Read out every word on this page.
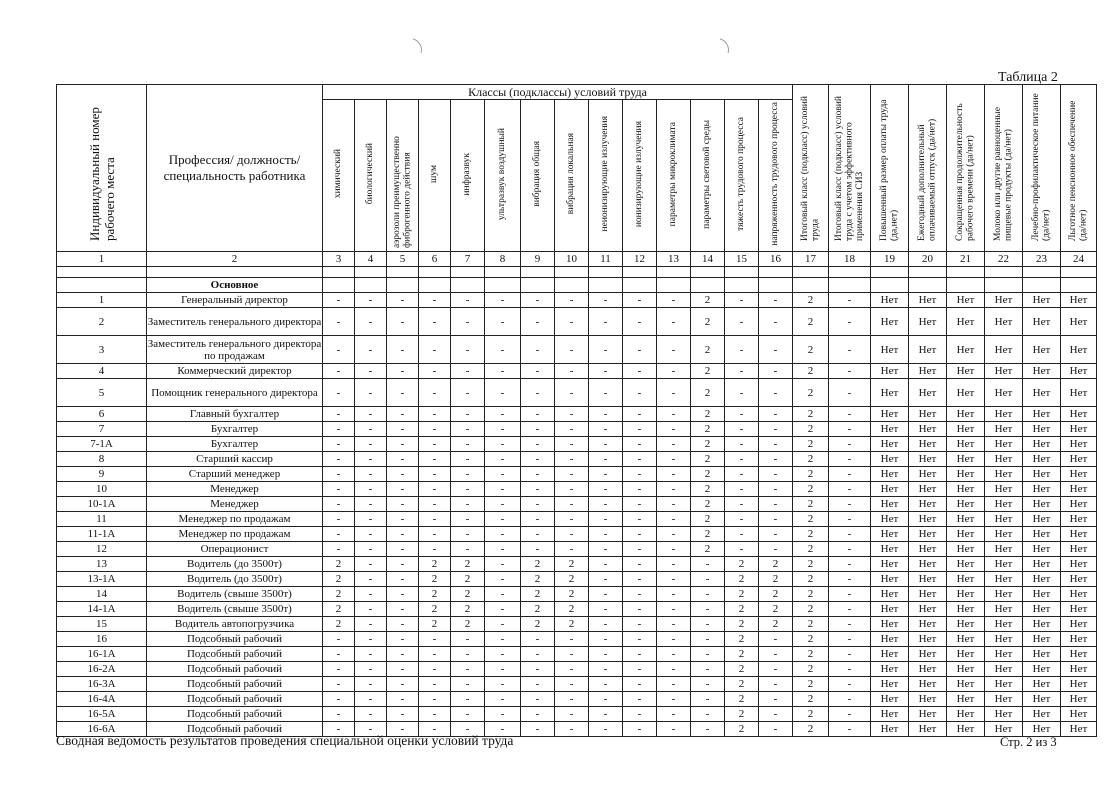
Таблица 2
Индивидуальный номер рабочего места	Профессия/ должность/ специальность работника	Классы (подклассы) условий труда														Итоговый класс (подкласс) условий труда	Итоговый класс (подкласс) условий труда с учетом эффективного применения СИЗ	Повышенный размер оплаты труда (да,нет)	Ежегодный дополнительный оплачиваемый отпуск (да/нет)	Сокращенная продолжительность рабочего времени (да/нет)	Молоко или другие равноценные пищевые продукты (да/нет)	Лечебно-профилактическое питание (да/нет)	Льготное пенсионное обеспечение (да/нет)
		химический	биологический	аэрозоли преимущественно фиброгенного действия	шум	инфразвук	ультразвук воздушный	вибрация общая	вибрация локальная	неионизирующие излучения	ионизирующие излучения	параметры микроклимата	параметры световой среды	тяжесть трудового процесса	напряженность трудового процесса								
1	2	3	4	5	6	7	8	9	10	11	12	13	14	15	16	17	18	19	20	21	22	23	24

	Основное																						
1	Генеральный директор	-	-	-	-	-	-	-	-	-	-	-	2	-	-	2	-	Нет	Нет	Нет	Нет	Нет	Нет
2	Заместитель генерального директора	-	-	-	-	-	-	-	-	-	-	-	2	-	-	2	-	Нет	Нет	Нет	Нет	Нет	Нет
3	Заместитель генерального директора по продажам	-	-	-	-	-	-	-	-	-	-	-	2	-	-	2	-	Нет	Нет	Нет	Нет	Нет	Нет
4	Коммерческий директор	-	-	-	-	-	-	-	-	-	-	-	2	-	-	2	-	Нет	Нет	Нет	Нет	Нет	Нет
5	Помощник генерального директора	-	-	-	-	-	-	-	-	-	-	-	2	-	-	2	-	Нет	Нет	Нет	Нет	Нет	Нет
6	Главный бухгалтер	-	-	-	-	-	-	-	-	-	-	-	2	-	-	2	-	Нет	Нет	Нет	Нет	Нет	Нет
7	Бухгалтер	-	-	-	-	-	-	-	-	-	-	-	2	-	-	2	-	Нет	Нет	Нет	Нет	Нет	Нет
7-1А	Бухгалтер	-	-	-	-	-	-	-	-	-	-	-	2	-	-	2	-	Нет	Нет	Нет	Нет	Нет	Нет
8	Старший кассир	-	-	-	-	-	-	-	-	-	-	-	2	-	-	2	-	Нет	Нет	Нет	Нет	Нет	Нет
9	Старший менеджер	-	-	-	-	-	-	-	-	-	-	-	2	-	-	2	-	Нет	Нет	Нет	Нет	Нет	Нет
10	Менеджер	-	-	-	-	-	-	-	-	-	-	-	2	-	-	2	-	Нет	Нет	Нет	Нет	Нет	Нет
10-1А	Менеджер	-	-	-	-	-	-	-	-	-	-	-	2	-	-	2	-	Нет	Нет	Нет	Нет	Нет	Нет
11	Менеджер по продажам	-	-	-	-	-	-	-	-	-	-	-	2	-	-	2	-	Нет	Нет	Нет	Нет	Нет	Нет
11-1А	Менеджер по продажам	-	-	-	-	-	-	-	-	-	-	-	2	-	-	2	-	Нет	Нет	Нет	Нет	Нет	Нет
12	Операционист	-	-	-	-	-	-	-	-	-	-	-	2	-	-	2	-	Нет	Нет	Нет	Нет	Нет	Нет
13	Водитель (до 3500т)	2	-	-	2	2	-	2	2	-	-	-	-	2	2	2	-	Нет	Нет	Нет	Нет	Нет	Нет
13-1А	Водитель (до 3500т)	2	-	-	2	2	-	2	2	-	-	-	-	2	2	2	-	Нет	Нет	Нет	Нет	Нет	Нет
14	Водитель (свыше 3500т)	2	-	-	2	2	-	2	2	-	-	-	-	2	2	2	-	Нет	Нет	Нет	Нет	Нет	Нет
14-1А	Водитель (свыше 3500т)	2	-	-	2	2	-	2	2	-	-	-	-	2	2	2	-	Нет	Нет	Нет	Нет	Нет	Нет
15	Водитель автопогрузчика	2	-	-	2	2	-	2	2	-	-	-	-	2	2	2	-	Нет	Нет	Нет	Нет	Нет	Нет
16	Подсобный рабочий	-	-	-	-	-	-	-	-	-	-	-	-	2	-	2	-	Нет	Нет	Нет	Нет	Нет	Нет
16-1А	Подсобный рабочий	-	-	-	-	-	-	-	-	-	-	-	-	2	-	2	-	Нет	Нет	Нет	Нет	Нет	Нет
16-2А	Подсобный рабочий	-	-	-	-	-	-	-	-	-	-	-	-	2	-	2	-	Нет	Нет	Нет	Нет	Нет	Нет
16-3А	Подсобный рабочий	-	-	-	-	-	-	-	-	-	-	-	-	2	-	2	-	Нет	Нет	Нет	Нет	Нет	Нет
16-4А	Подсобный рабочий	-	-	-	-	-	-	-	-	-	-	-	-	2	-	2	-	Нет	Нет	Нет	Нет	Нет	Нет
16-5А	Подсобный рабочий	-	-	-	-	-	-	-	-	-	-	-	-	2	-	2	-	Нет	Нет	Нет	Нет	Нет	Нет
16-6А	Подсобный рабочий	-	-	-	-	-	-	-	-	-	-	-	-	2	-	2	-	Нет	Нет	Нет	Нет	Нет	Нет
Сводная ведомость результатов проведения специальной оценки условий труда	Стр. 2 из 3
